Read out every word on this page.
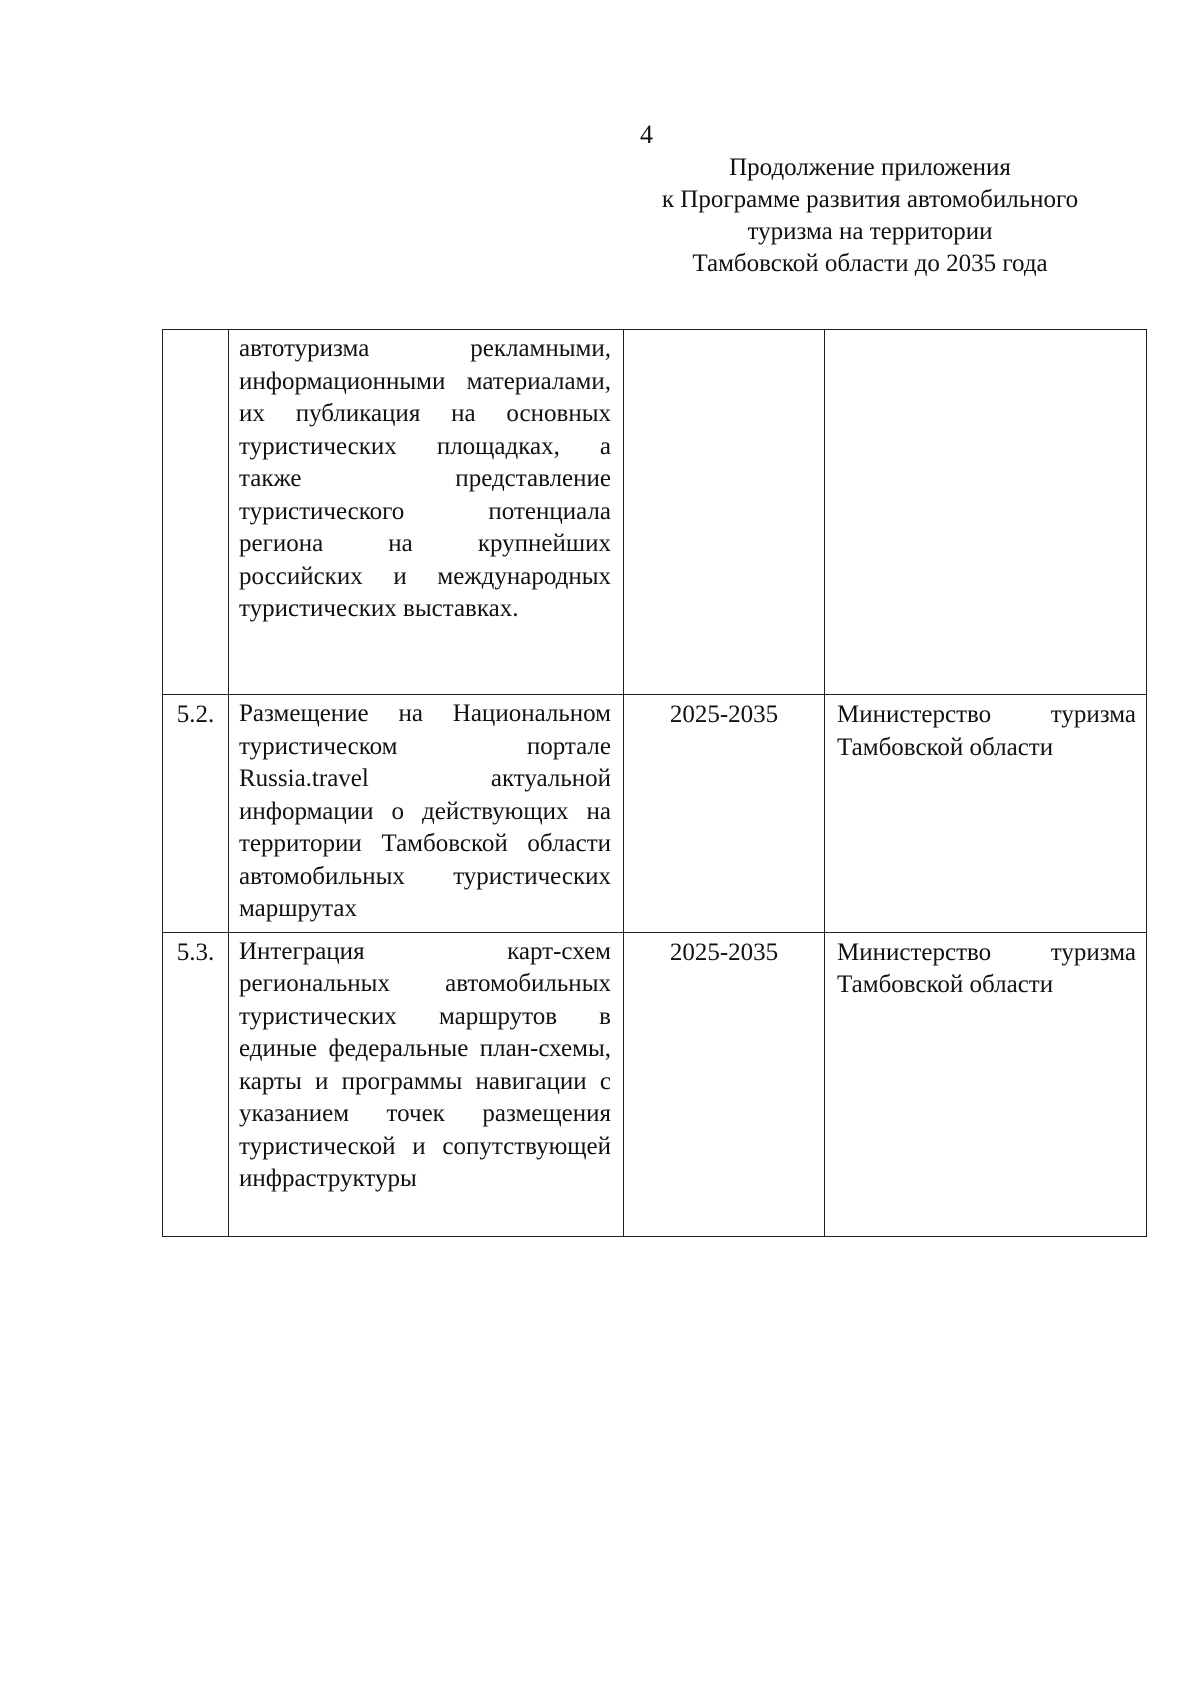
4
Продолжение приложения
к Программе развития автомобильного
туризма на территории
Тамбовской области до 2035 года
	автотуризма рекламными, информационными материалами, их публикация на основных туристических площадках, а также представление туристического потенциала региона на крупнейших российских и международных туристических выставках.		
5.2.	Размещение на Национальном туристическом портале Russia.travel актуальной информации о действующих на территории Тамбовской области автомобильных туристических маршрутах	2025-2035	Министерство туризма Тамбовской области
5.3.	Интеграция карт-схем региональных автомобильных туристических маршрутов в единые федеральные план-схемы, карты и программы навигации с указанием точек размещения туристической и сопутствующей инфраструктуры	2025-2035	Министерство туризма Тамбовской области
